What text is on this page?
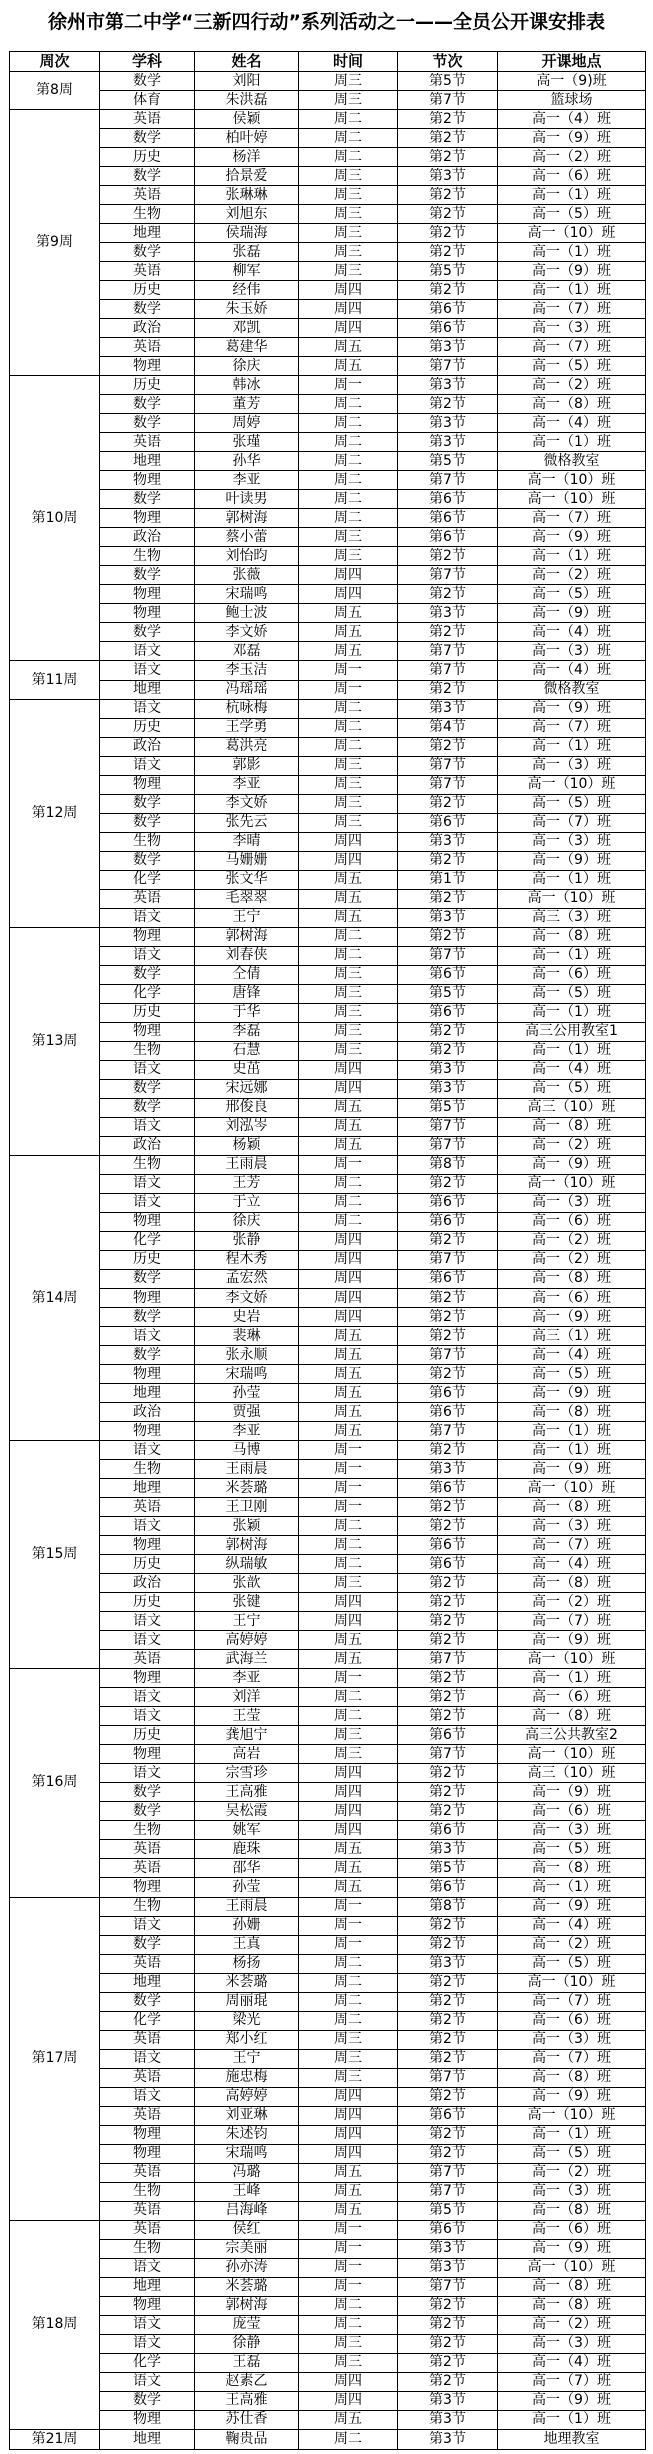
徐州市第二中学“三新四行动”系列活动之一——全员公开课安排表
周次	学科	姓名	时间	节次	开课地点
第8周	数学	刘阳	周三	第5节	高一（9)班
	体育	朱洪磊	周三	第7节	篮球场
第9周	英语	侯颖	周二	第2节	高一（4）班
	数学	柏叶婷	周二	第2节	高一（9）班
	历史	杨洋	周二	第2节	高一（2）班
	数学	拾景爱	周三	第3节	高一（6）班
	英语	张琳琳	周三	第2节	高一（1）班
	生物	刘旭东	周三	第2节	高一（5）班
	地理	侯瑞海	周三	第2节	高一（10）班
	数学	张磊	周三	第2节	高一（1）班
	英语	柳军	周三	第5节	高一（9）班
	历史	经伟	周四	第2节	高一（1）班
	数学	朱玉娇	周四	第6节	高一（7）班
	政治	邓凯	周四	第6节	高一（3）班
	英语	葛建华	周五	第3节	高一（7）班
	物理	徐庆	周五	第7节	高一（5）班
第10周	历史	韩冰	周一	第3节	高一（2）班
	数学	董芳	周二	第2节	高一（8）班
	数学	周婷	周二	第3节	高一（4）班
	英语	张瑾	周二	第3节	高一（1）班
	地理	孙华	周二	第5节	微格教室
	物理	李亚	周二	第7节	高一（10）班
	数学	叶读男	周二	第6节	高一（10）班
	物理	郭树海	周二	第6节	高一（7）班
	政治	蔡小蕾	周三	第6节	高一（9）班
	生物	刘怡昀	周三	第2节	高一（1）班
	数学	张薇	周四	第7节	高一（2）班
	物理	宋瑞鸣	周四	第2节	高一（5）班
	物理	鲍士波	周五	第3节	高一（9）班
	数学	李文娇	周五	第2节	高一（4）班
	语文	邓磊	周五	第7节	高一（3）班
第11周	语文	李玉洁	周一	第7节	高一（4）班
	地理	冯瑶瑶	周一	第2节	微格教室
第12周	语文	杭咏梅	周二	第3节	高一（9）班
	历史	王学勇	周二	第4节	高一（7）班
	政治	葛洪亮	周二	第2节	高一（1）班
	语文	郭影	周三	第7节	高一（3）班
	物理	李亚	周三	第7节	高一（10）班
	数学	李文娇	周三	第2节	高一（5）班
	数学	张先云	周三	第6节	高一（7）班
	生物	李晴	周四	第3节	高一（3）班
	数学	马姗姗	周四	第2节	高一（9）班
	化学	张文华	周五	第1节	高一（1）班
	英语	毛翠翠	周五	第2节	高一（10）班
	语文	王宁	周五	第3节	高三（3）班
第13周	物理	郭树海	周二	第2节	高一（8）班
	语文	刘春侠	周二	第7节	高一（1）班
	数学	仝倩	周三	第6节	高一（6）班
	化学	唐锋	周三	第5节	高一（5）班
	历史	于华	周三	第6节	高一（1）班
	物理	李磊	周三	第2节	高三公用教室1
	生物	石慧	周三	第2节	高一（1）班
	语文	史茁	周四	第3节	高一（4）班
	数学	宋远娜	周四	第3节	高一（5）班
	数学	邢俊良	周五	第5节	高三（10）班
	语文	刘泓岑	周五	第7节	高一（8）班
	政治	杨颖	周五	第7节	高一（2）班
第14周	生物	王雨晨	周一	第8节	高一（9）班
	语文	王芳	周二	第2节	高一（10）班
	语文	于立	周二	第6节	高一（3）班
	物理	徐庆	周二	第6节	高一（6）班
	化学	张静	周四	第2节	高一（2）班
	历史	程木秀	周四	第7节	高一（2）班
	数学	孟宏然	周四	第6节	高一（8）班
	物理	李文娇	周四	第2节	高一（6）班
	数学	史岩	周四	第2节	高一（9）班
	语文	裴琳	周五	第2节	高三（1）班
	数学	张永顺	周五	第7节	高一（4）班
	物理	宋瑞鸣	周五	第2节	高一（5）班
	地理	孙莹	周五	第6节	高一（9）班
	政治	贾强	周五	第6节	高一（8）班
	物理	李亚	周五	第7节	高一（1）班
第15周	语文	马博	周一	第2节	高一（1）班
	生物	王雨晨	周一	第3节	高一（9）班
	地理	米荟璐	周一	第6节	高一（10）班
	英语	王卫刚	周一	第2节	高一（8）班
	语文	张颖	周二	第2节	高一（3）班
	物理	郭树海	周二	第6节	高一（7）班
	历史	纵瑞敏	周二	第6节	高一（4）班
	政治	张歆	周三	第2节	高一（8）班
	历史	张键	周四	第2节	高一（2）班
	语文	王宁	周四	第2节	高一（7）班
	语文	高婷婷	周五	第2节	高一（9）班
	英语	武海兰	周五	第7节	高一（10）班
第16周	物理	李亚	周一	第2节	高一（1）班
	语文	刘洋	周二	第2节	高一（6）班
	语文	王莹	周二	第2节	高一（8）班
	历史	龚旭宁	周三	第6节	高三公共教室2
	物理	高岩	周三	第7节	高一（10）班
	语文	宗雪珍	周四	第2节	高三（10）班
	数学	王高雅	周四	第2节	高一（9）班
	数学	吴松霞	周四	第2节	高一（6）班
	生物	姚军	周四	第6节	高一（3）班
	英语	鹿珠	周五	第3节	高一（5）班
	英语	邵华	周五	第5节	高一（8）班
	物理	孙莹	周五	第6节	高一（1）班
第17周	生物	王雨晨	周一	第8节	高一（9）班
	语文	孙姗	周一	第2节	高一（4）班
	数学	王真	周一	第2节	高一（2）班
	英语	杨扬	周二	第3节	高一（5）班
	地理	米荟璐	周二	第2节	高一（10）班
	数学	周丽琨	周二	第2节	高一（7）班
	化学	梁光	周二	第2节	高一（6）班
	英语	郑小红	周三	第2节	高一（3）班
	语文	王宁	周三	第2节	高一（7）班
	英语	施忠梅	周三	第7节	高一（8）班
	语文	高婷婷	周四	第2节	高一（9）班
	英语	刘亚琳	周四	第6节	高一（10）班
	物理	朱述钧	周四	第2节	高一（1）班
	物理	宋瑞鸣	周四	第2节	高一（5）班
	英语	冯璐	周五	第7节	高一（2）班
	生物	王峰	周五	第7节	高一（3）班
	英语	吕海峰	周五	第5节	高一（8）班
第18周	英语	侯红	周一	第6节	高一（6）班
	生物	宗美丽	周一	第3节	高一（9）班
	语文	孙亦涛	周一	第3节	高一（10）班
	地理	米荟璐	周一	第7节	高一（8）班
	物理	郭树海	周二	第2节	高一（8）班
	语文	庞莹	周二	第2节	高一（2）班
	语文	徐静	周三	第2节	高一（3）班
	化学	王磊	周三	第2节	高一（4）班
	语文	赵素乙	周四	第2节	高一（7）班
	数学	王高雅	周四	第3节	高一（9）班
	物理	苏仕香	周五	第3节	高一（1）班
第21周	地理	鞠贵品	周二	第3节	地理教室
